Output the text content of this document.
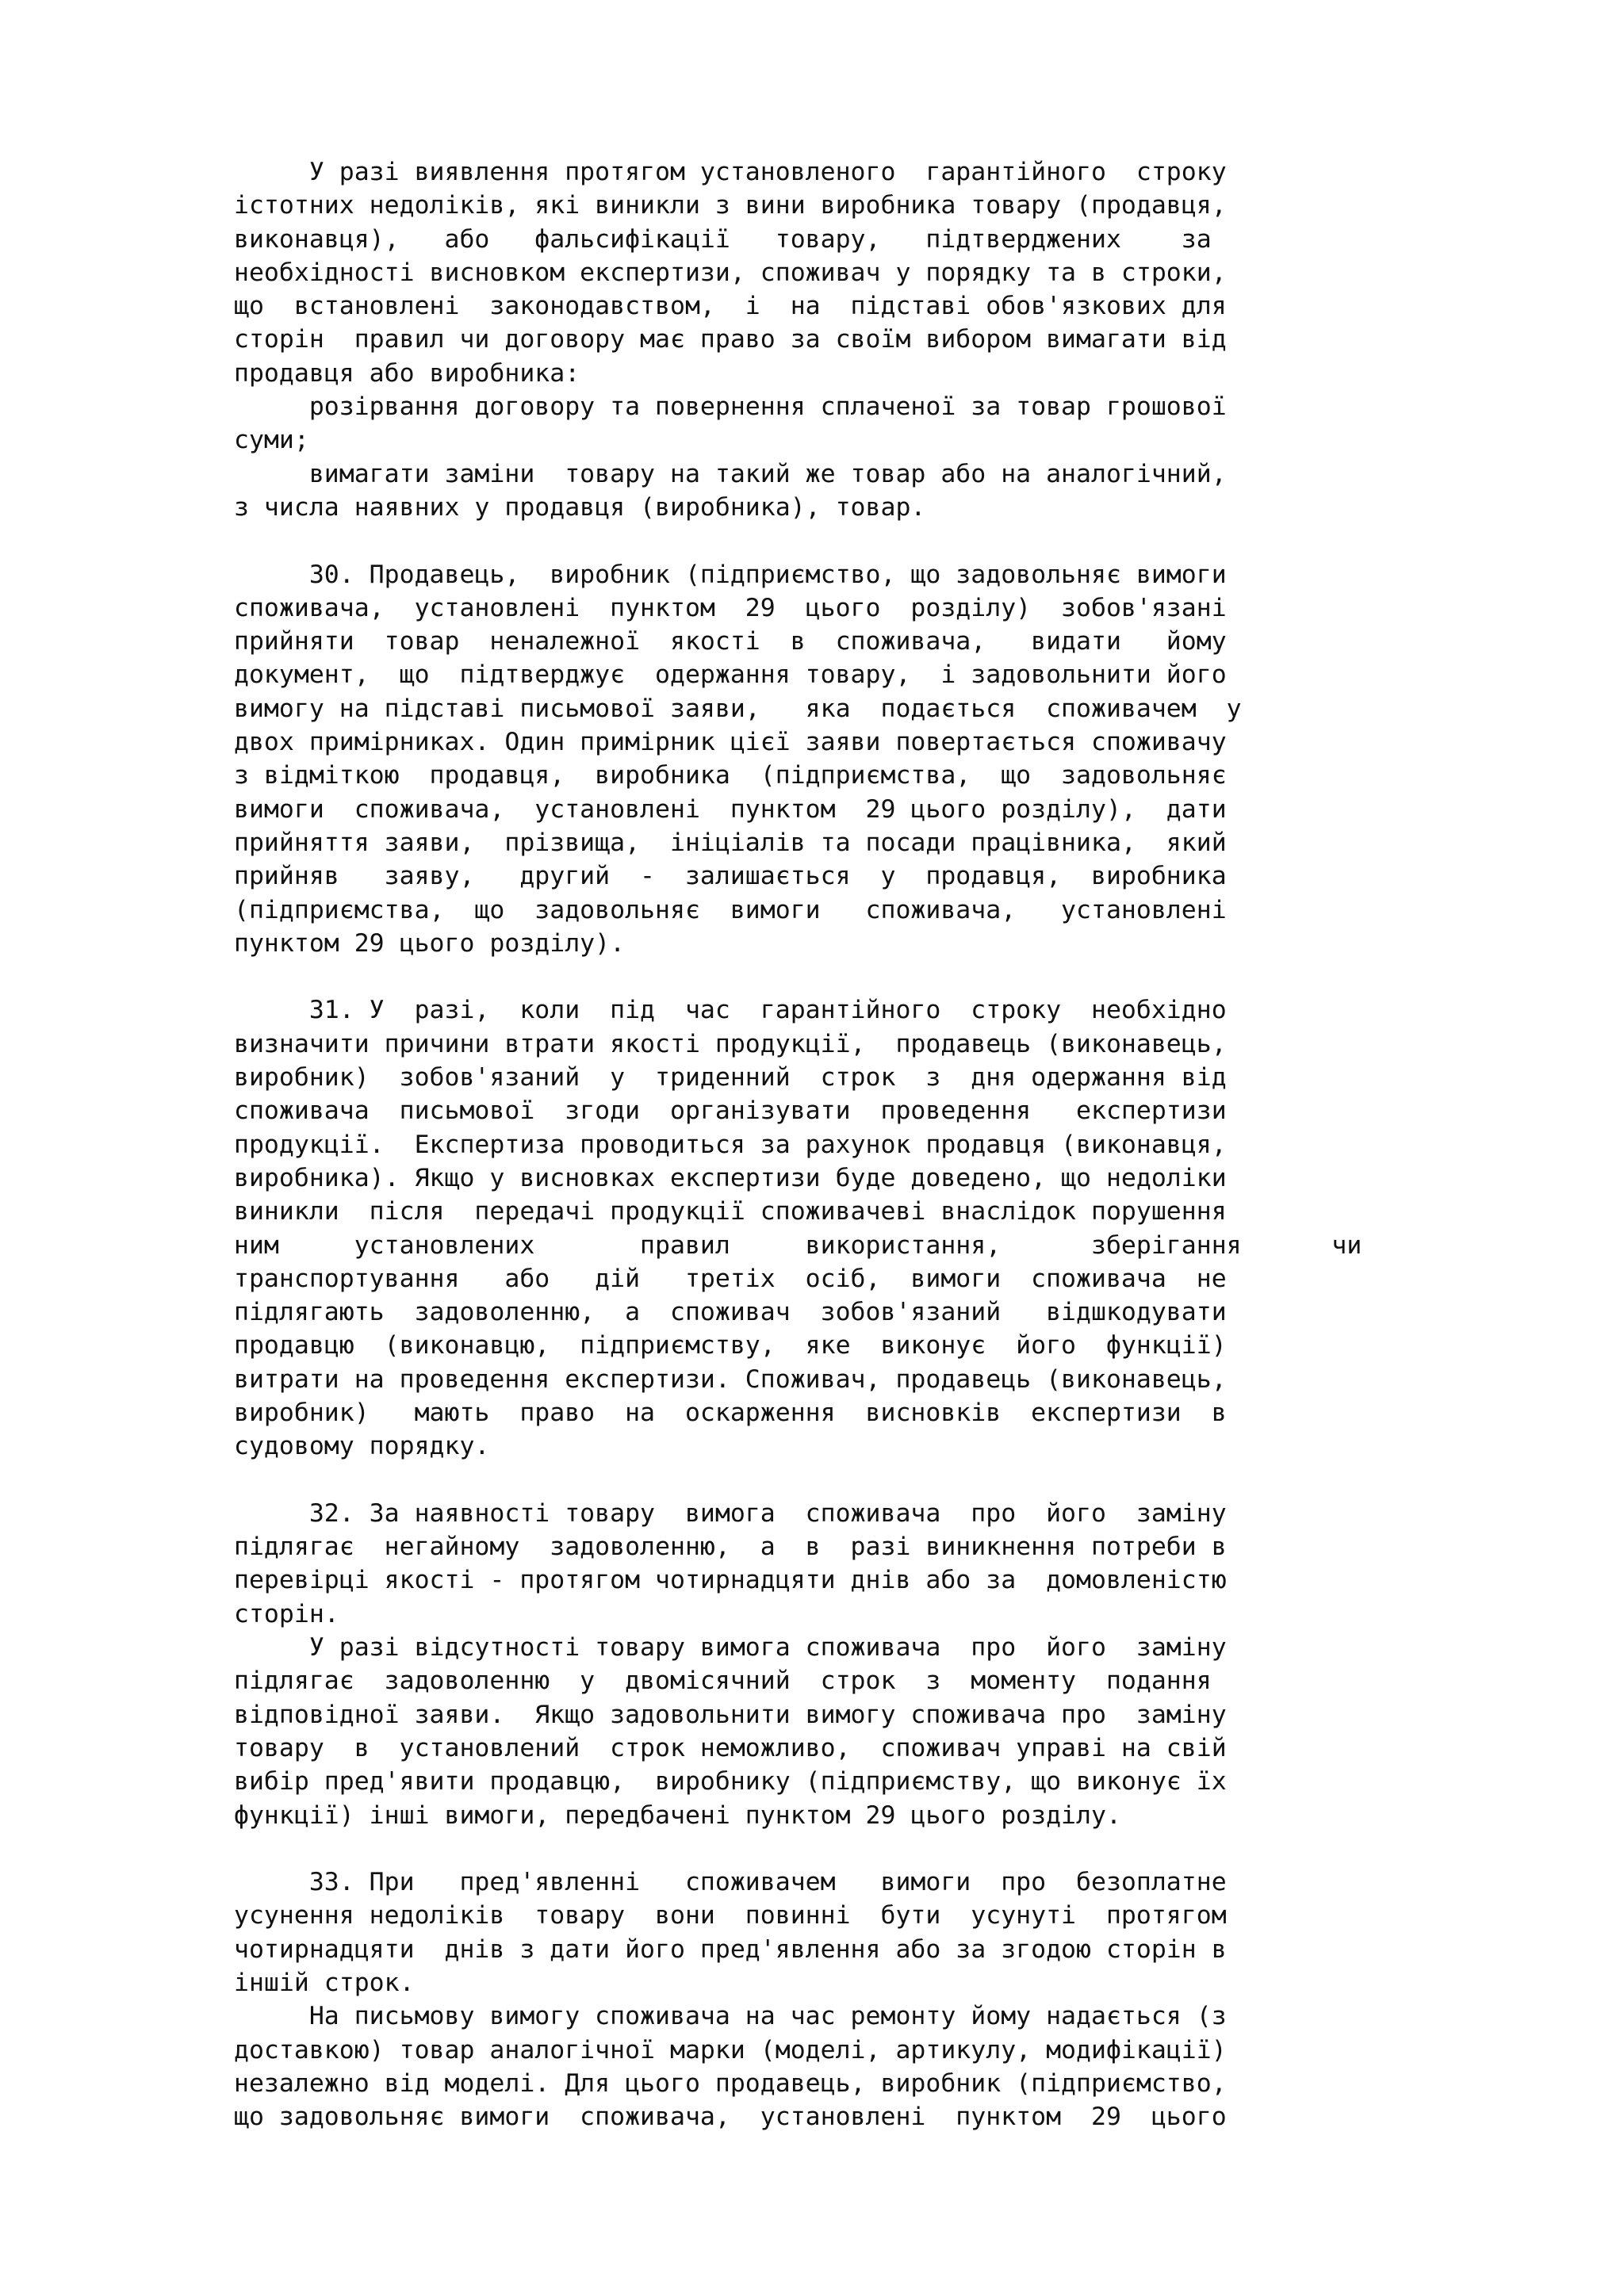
У разі виявлення протягом установленого  гарантійного  строку
істотних недоліків, які виникли з вини виробника товару (продавця,
виконавця),   або   фальсифікації   товару,   підтверджених    за
необхідності висновком експертизи, споживач у порядку та в строки,
що  встановлені  законодавством,  і  на  підставі обов'язкових для
сторін  правил чи договору має право за своїм вибором вимагати від
продавця або виробника:
розірвання договору та повернення сплаченої за товар грошової
суми;
вимагати заміни  товару на такий же товар або на аналогічний,
з числа наявних у продавця (виробника), товар.
30. Продавець,  виробник (підприємство, що задовольняє вимоги
споживача,  установлені  пунктом  29  цього  розділу)  зобов'язані
прийняти  товар  неналежної  якості  в  споживача,   видати   йому
документ,  що  підтверджує  одержання товару,  і задовольнити його
вимогу на підставі письмової заяви,   яка  подається  споживачем  у
двох примірниках. Один примірник цієї заяви повертається споживачу
з відміткою  продавця,  виробника  (підприємства,  що  задовольняє
вимоги  споживача,  установлені  пунктом  29 цього розділу),  дати
прийняття заяви,  прізвища,  ініціалів та посади працівника,  який
прийняв   заяву,   другий  -  залишається  у  продавця,  виробника
(підприємства,  що  задовольняє  вимоги   споживача,   установлені
пунктом 29 цього розділу).
31. У  разі,  коли  під  час  гарантійного  строку  необхідно
визначити причини втрати якості продукції,  продавець (виконавець,
виробник)  зобов'язаний  у  триденний  строк  з  дня одержання від
споживача  письмової  згоди  організувати  проведення   експертизи
продукції.  Експертиза проводиться за рахунок продавця (виконавця,
виробника). Якщо у висновках експертизи буде доведено, що недоліки
виникли  після  передачі продукції споживачеві внаслідок порушення
ним     установлених       правил     використання,      зберігання      чи
транспортування   або   дій   третіх  осіб,  вимоги  споживача  не
підлягають  задоволенню,  а  споживач  зобов'язаний   відшкодувати
продавцю  (виконавцю,  підприємству,  яке  виконує  його  функції)
витрати на проведення експертизи. Споживач, продавець (виконавець,
виробник)   мають  право  на  оскарження  висновків  експертизи  в
судовому порядку.
32. За наявності товару  вимога  споживача  про  його  заміну
підлягає  негайному  задоволенню,  а  в  разі виникнення потреби в
перевірці якості - протягом чотирнадцяти днів або за  домовленістю
сторін.
У разі відсутності товару вимога споживача  про  його  заміну
підлягає  задоволенню  у  двомісячний  строк  з  моменту  подання
відповідної заяви.  Якщо задовольнити вимогу споживача про  заміну
товару  в  установлений  строк неможливо,  споживач управі на свій
вибір пред'явити продавцю,  виробнику (підприємству, що виконує їх
функції) інші вимоги, передбачені пунктом 29 цього розділу.
33. При   пред'явленні   споживачем   вимоги  про  безоплатне
усунення недоліків  товару  вони  повинні  бути  усунуті  протягом
чотирнадцяти  днів з дати його пред'явлення або за згодою сторін в
іншій строк.
На письмову вимогу споживача на час ремонту йому надається (з
доставкою) товар аналогічної марки (моделі, артикулу, модифікації)
незалежно від моделі. Для цього продавець, виробник (підприємство,
що задовольняє вимоги  споживача,  установлені  пунктом  29  цього
